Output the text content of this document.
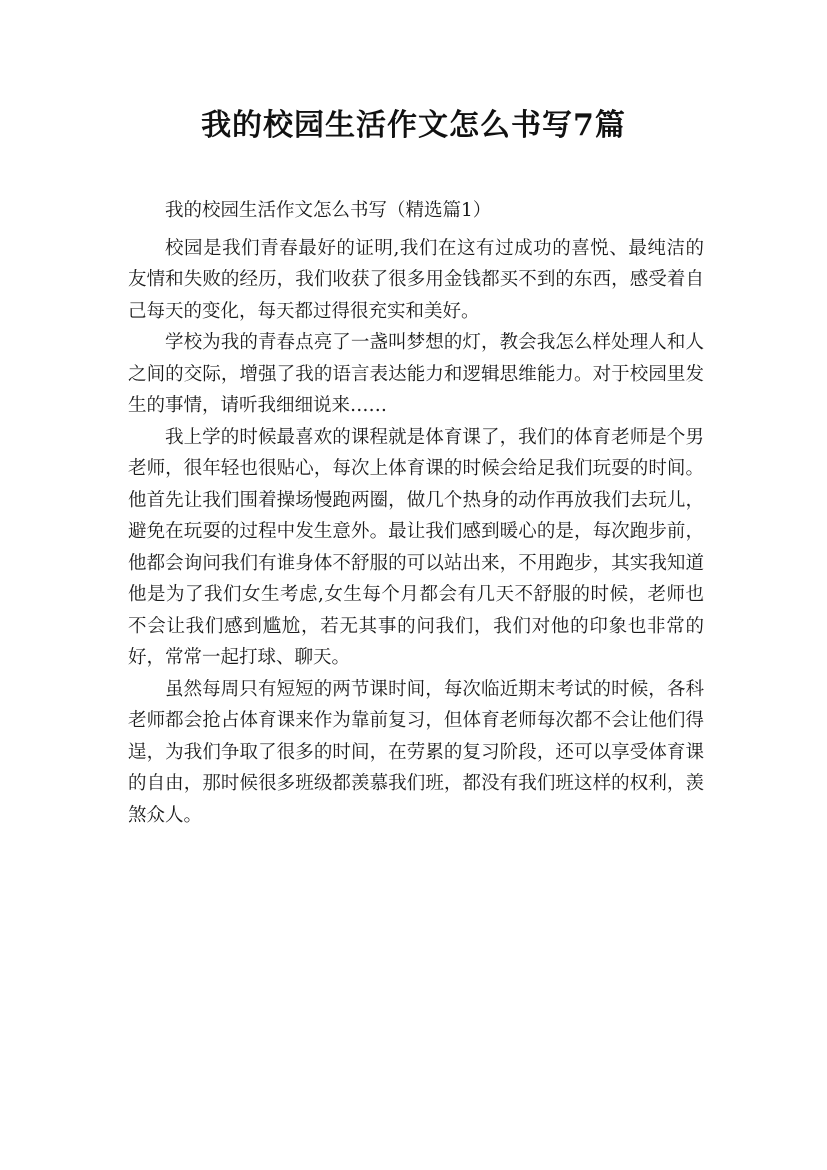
我的校园生活作文怎么书写7篇

我的校园生活作文怎么书写（精选篇1）

校园是我们青春最好的证明,我们在这有过成功的喜悦、最纯洁的友情和失败的经历，我们收获了很多用金钱都买不到的东西，感受着自己每天的变化，每天都过得很充实和美好。

学校为我的青春点亮了一盏叫梦想的灯，教会我怎么样处理人和人之间的交际，增强了我的语言表达能力和逻辑思维能力。对于校园里发生的事情，请听我细细说来……

我上学的时候最喜欢的课程就是体育课了，我们的体育老师是个男老师，很年轻也很贴心，每次上体育课的时候会给足我们玩耍的时间。他首先让我们围着操场慢跑两圈，做几个热身的动作再放我们去玩儿，避免在玩耍的过程中发生意外。最让我们感到暖心的是，每次跑步前，他都会询问我们有谁身体不舒服的可以站出来，不用跑步，其实我知道他是为了我们女生考虑,女生每个月都会有几天不舒服的时候，老师也不会让我们感到尴尬，若无其事的问我们，我们对他的印象也非常的好，常常一起打球、聊天。

虽然每周只有短短的两节课时间，每次临近期末考试的时候，各科老师都会抢占体育课来作为靠前复习，但体育老师每次都不会让他们得逞，为我们争取了很多的时间，在劳累的复习阶段，还可以享受体育课的自由，那时候很多班级都羡慕我们班，都没有我们班这样的权利，羡煞众人。
